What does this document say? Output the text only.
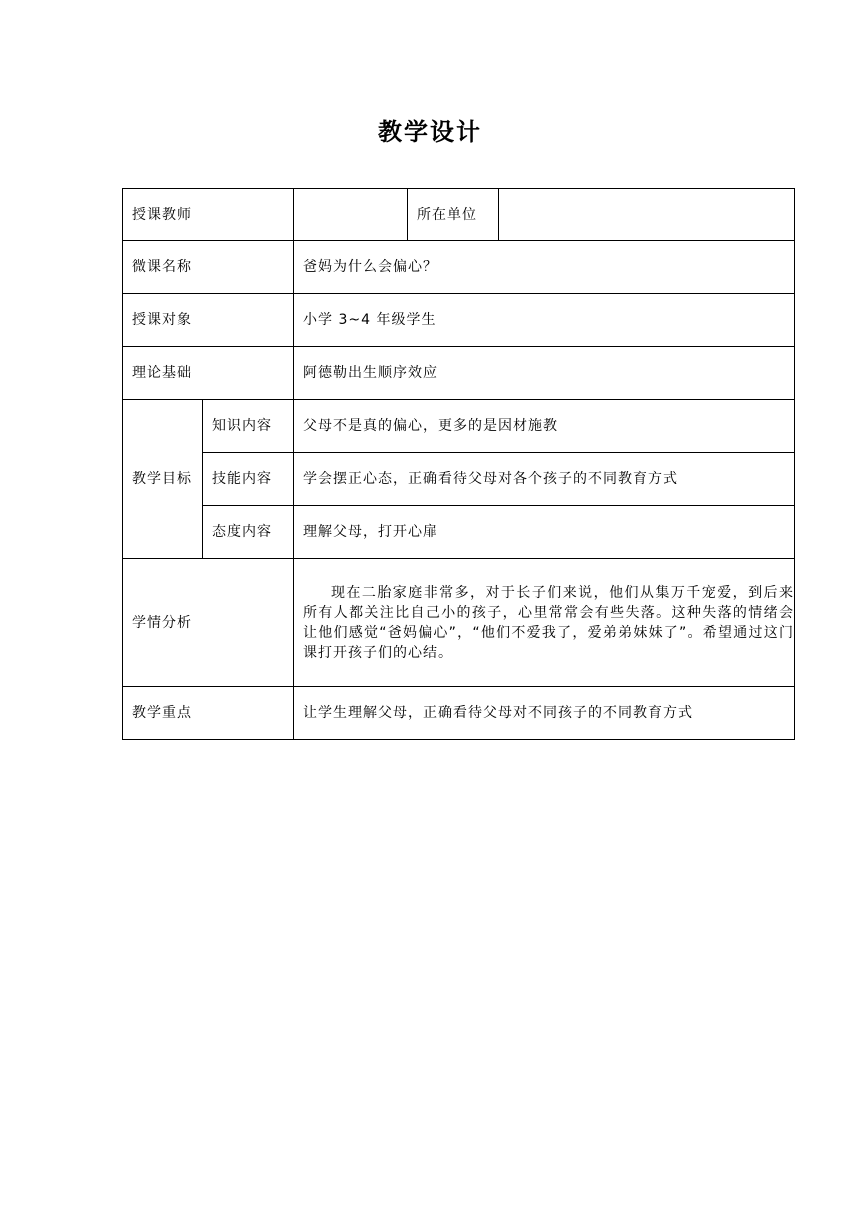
教学设计
授课教师			所在单位	
微课名称		爸妈为什么会偏心？		
授课对象		小学 3~4 年级学生		
理论基础		阿德勒出生顺序效应		
教学目标	知识内容	父母不是真的偏心，更多的是因材施教		
	技能内容	学会摆正心态，正确看待父母对各个孩子的不同教育方式		
	态度内容	理解父母，打开心扉		
学情分析		现在二胎家庭非常多，对于长子们来说，他们从集万千宠爱，到后来所有人都关注比自己小的孩子，心里常常会有些失落。这种失落的情绪会让他们感觉“爸妈偏心”，“他们不爱我了，爱弟弟妹妹了”。希望通过这门课打开孩子们的心结。		
教学重点		让学生理解父母，正确看待父母对不同孩子的不同教育方式		
